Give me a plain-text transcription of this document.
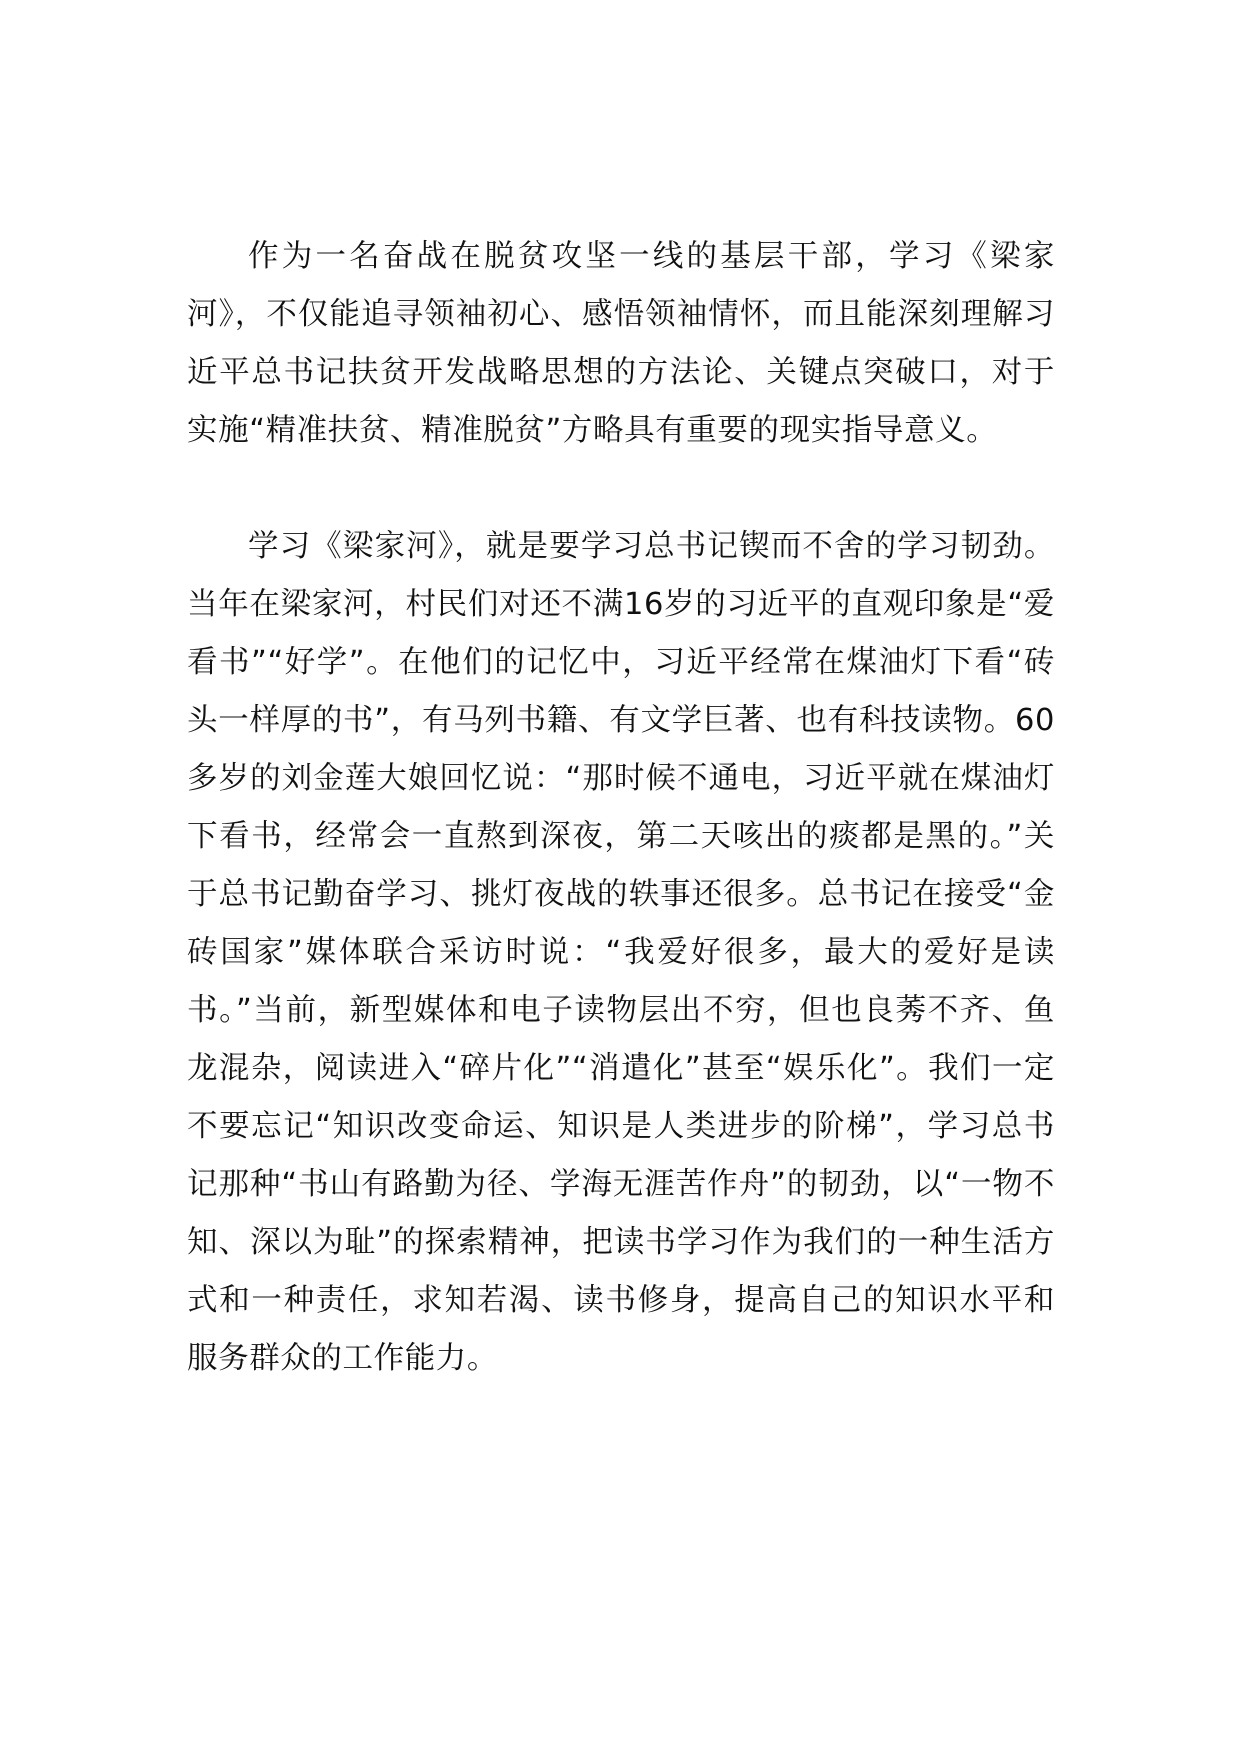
作为一名奋战在脱贫攻坚一线的基层干部，学习《梁家河》，不仅能追寻领袖初心、感悟领袖情怀，而且能深刻理解习近平总书记扶贫开发战略思想的方法论、关键点突破口，对于实施“精准扶贫、精准脱贫”方略具有重要的现实指导意义。

学习《梁家河》，就是要学习总书记锲而不舍的学习韧劲。当年在梁家河，村民们对还不满16岁的习近平的直观印象是“爱看书”“好学”。在他们的记忆中，习近平经常在煤油灯下看“砖头一样厚的书”，有马列书籍、有文学巨著、也有科技读物。60多岁的刘金莲大娘回忆说：“那时候不通电，习近平就在煤油灯下看书，经常会一直熬到深夜，第二天咳出的痰都是黑的。”关于总书记勤奋学习、挑灯夜战的轶事还很多。总书记在接受“金砖国家”媒体联合采访时说：“我爱好很多，最大的爱好是读书。”当前，新型媒体和电子读物层出不穷，但也良莠不齐、鱼龙混杂，阅读进入“碎片化”“消遣化”甚至“娱乐化”。我们一定不要忘记“知识改变命运、知识是人类进步的阶梯”，学习总书记那种“书山有路勤为径、学海无涯苦作舟”的韧劲，以“一物不知、深以为耻”的探索精神，把读书学习作为我们的一种生活方式和一种责任，求知若渴、读书修身，提高自己的知识水平和服务群众的工作能力。
